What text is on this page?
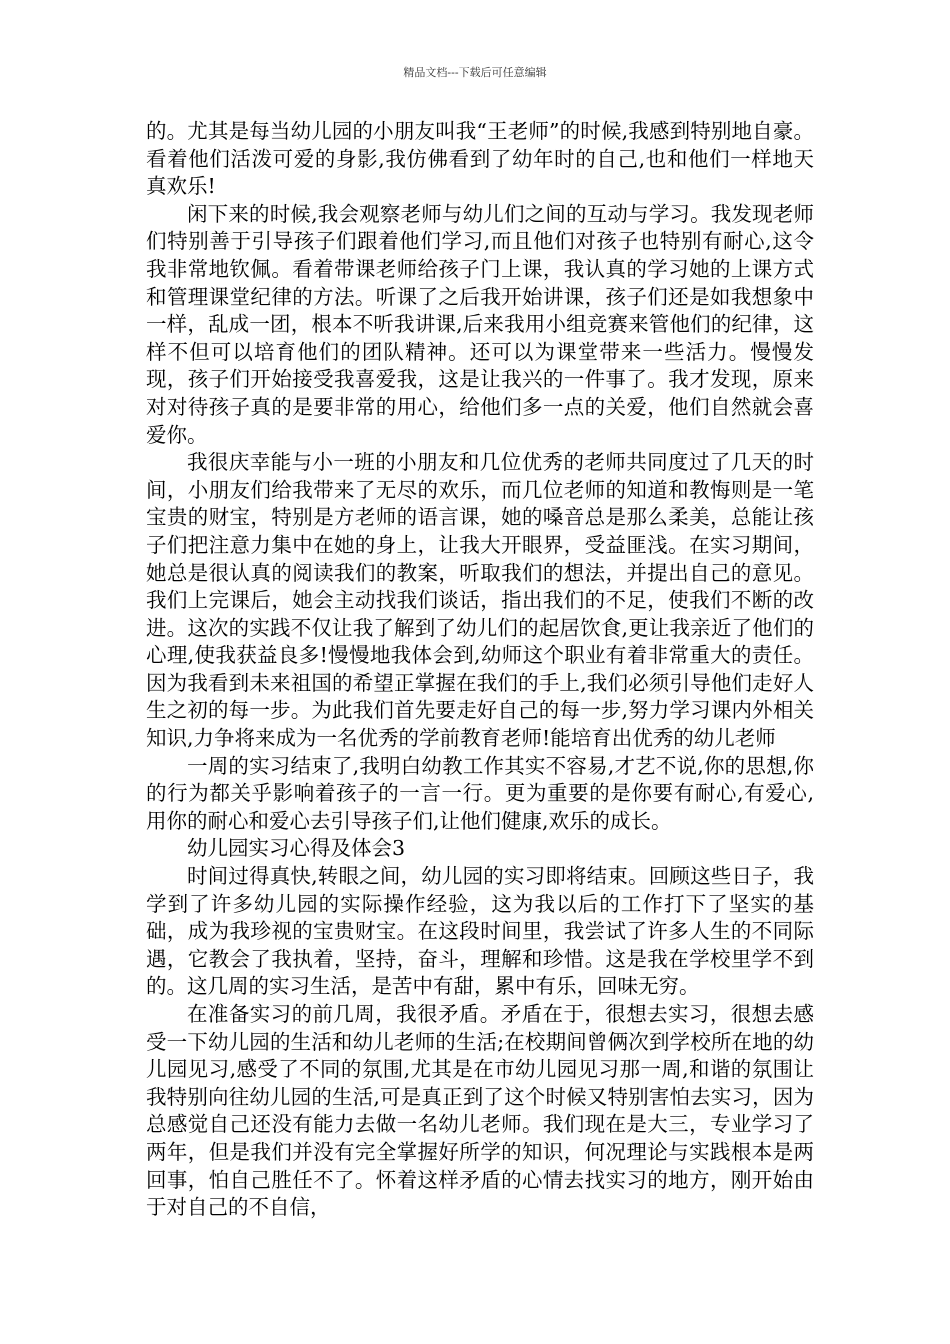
精品文档---下载后可任意编辑

的。尤其是每当幼儿园的小朋友叫我“王老师”的时候,我感到特别地自豪。看着他们活泼可爱的身影,我仿佛看到了幼年时的自己,也和他们一样地天真欢乐!

闲下来的时候,我会观察老师与幼儿们之间的互动与学习。我发现老师们特别善于引导孩子们跟着他们学习,而且他们对孩子也特别有耐心,这令我非常地钦佩。看着带课老师给孩子门上课，我认真的学习她的上课方式和管理课堂纪律的方法。听课了之后我开始讲课，孩子们还是如我想象中一样，乱成一团，根本不听我讲课,后来我用小组竞赛来管他们的纪律，这样不但可以培育他们的团队精神。还可以为课堂带来一些活力。慢慢发现，孩子们开始接受我喜爱我，这是让我兴的一件事了。我才发现，原来对对待孩子真的是要非常的用心，给他们多一点的关爱，他们自然就会喜爱你。

我很庆幸能与小一班的小朋友和几位优秀的老师共同度过了几天的时间，小朋友们给我带来了无尽的欢乐，而几位老师的知道和教悔则是一笔宝贵的财宝，特别是方老师的语言课，她的嗓音总是那么柔美，总能让孩子们把注意力集中在她的身上，让我大开眼界，受益匪浅。在实习期间，她总是很认真的阅读我们的教案，听取我们的想法，并提出自己的意见。我们上完课后，她会主动找我们谈话，指出我们的不足，使我们不断的改进。这次的实践不仅让我了解到了幼儿们的起居饮食,更让我亲近了他们的心理,使我获益良多!慢慢地我体会到,幼师这个职业有着非常重大的责任。因为我看到未来祖国的希望正掌握在我们的手上,我们必须引导他们走好人生之初的每一步。为此我们首先要走好自己的每一步,努力学习课内外相关知识,力争将来成为一名优秀的学前教育老师!能培育出优秀的幼儿老师

一周的实习结束了,我明白幼教工作其实不容易,才艺不说,你的思想,你的行为都关乎影响着孩子的一言一行。更为重要的是你要有耐心,有爱心,用你的耐心和爱心去引导孩子们,让他们健康,欢乐的成长。

幼儿园实习心得及体会3

时间过得真快,转眼之间，幼儿园的实习即将结束。回顾这些日子，我学到了许多幼儿园的实际操作经验，这为我以后的工作打下了坚实的基础，成为我珍视的宝贵财宝。在这段时间里，我尝试了许多人生的不同际遇，它教会了我执着，坚持，奋斗，理解和珍惜。这是我在学校里学不到的。这几周的实习生活，是苦中有甜，累中有乐，回味无穷。

在准备实习的前几周，我很矛盾。矛盾在于，很想去实习，很想去感受一下幼儿园的生活和幼儿老师的生活;在校期间曾俩次到学校所在地的幼儿园见习,感受了不同的氛围,尤其是在市幼儿园见习那一周,和谐的氛围让我特别向往幼儿园的生活,可是真正到了这个时候又特别害怕去实习，因为总感觉自己还没有能力去做一名幼儿老师。我们现在是大三，专业学习了两年，但是我们并没有完全掌握好所学的知识，何况理论与实践根本是两回事，怕自己胜任不了。怀着这样矛盾的心情去找实习的地方，刚开始由于对自己的不自信，
